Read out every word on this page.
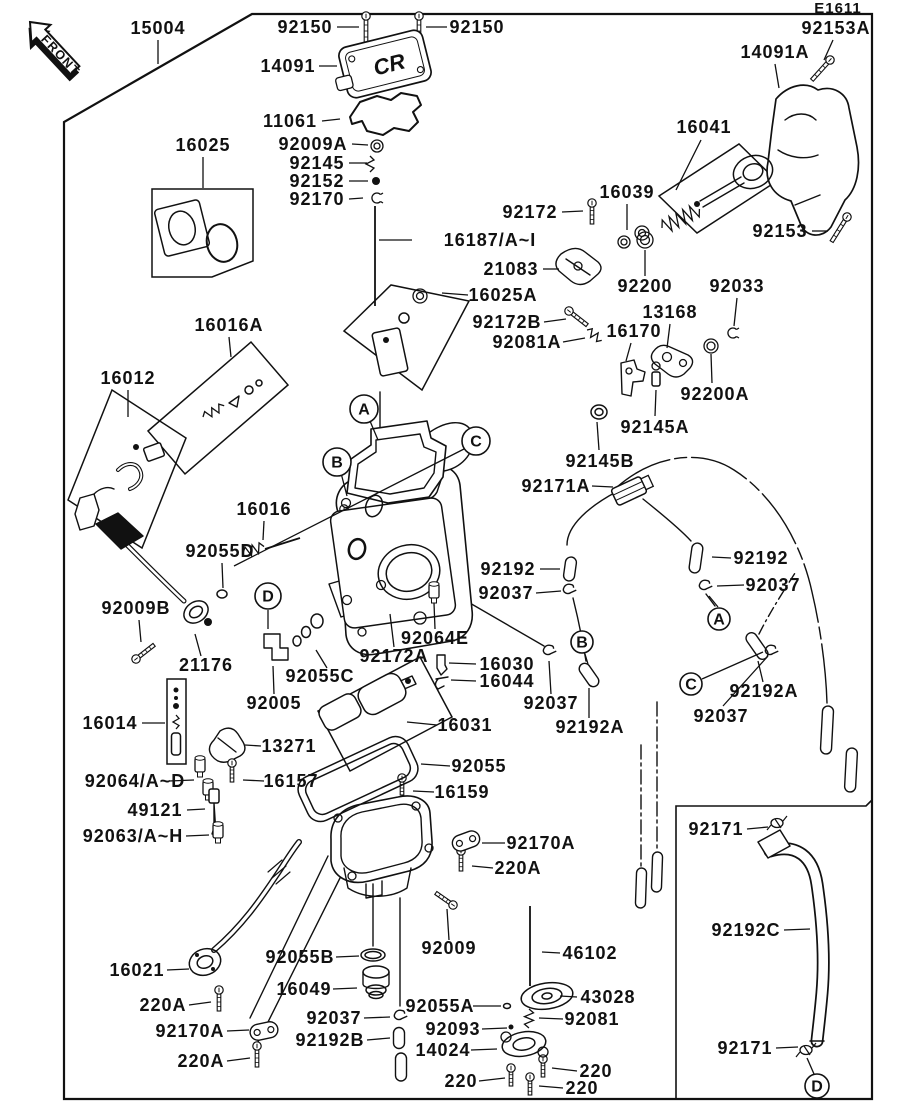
CR
15004	92150	92150
14091
92153A
14091A
16041
92153
11061
92009A
92145
92152
92170
16187/A~I
92172
16039
21083
16025A
92172B
92081A
92200 92033
13168
16170
92200A
92145A
92145B
92171A
16025
16016A
16012
16016
92055D
92009B
21176
92005
92055C
92064E
92172A	16030
16044
92192
92037
92037
92192A
92192
92037
92192A
92037
16031
92055
16159
92170A
220A
92009	46102
43028
92055A
92081
92093
14024
220
220	220
92055B
16049
92037
92192B
16021
220A
92170A
220A
92171
92192C
92171
16014
13271
92064/A~D	16157
49121
92063/A~H
A
B
C
D
B
A
C
D
FRONT
E1611
